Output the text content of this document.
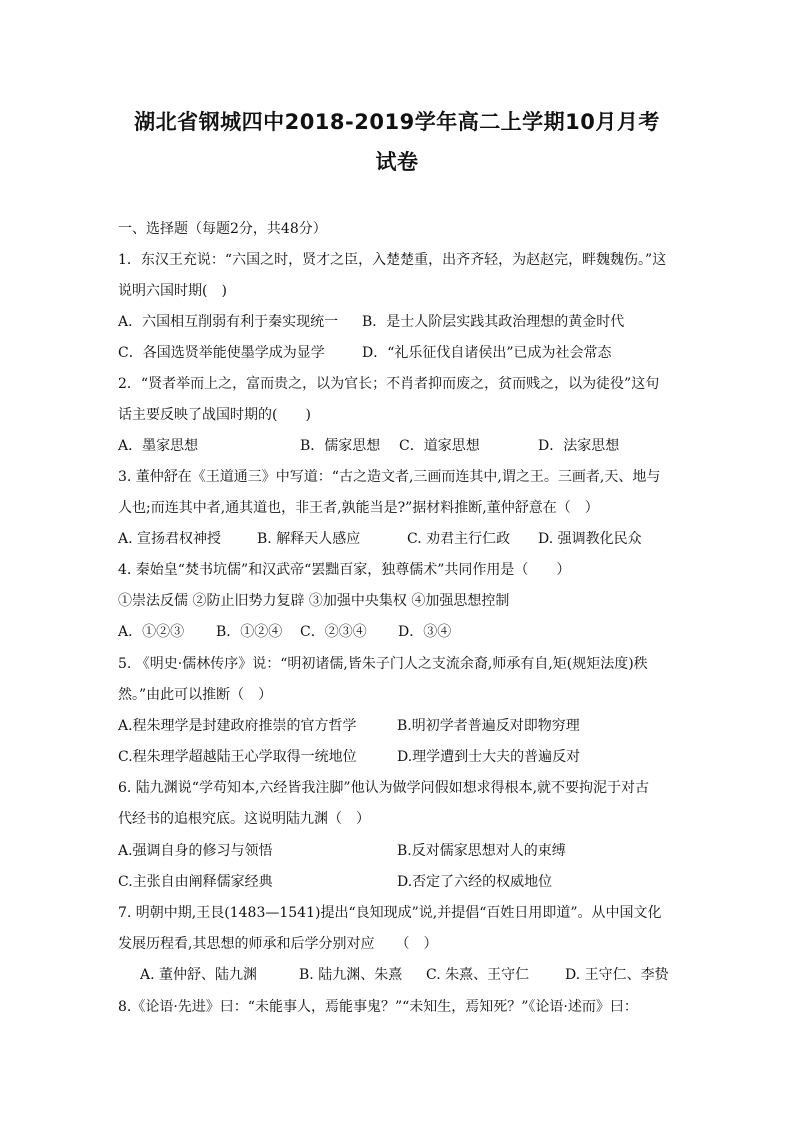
湖北省钢城四中2018-2019学年高二上学期10月月考
试卷
一、选择题（每题2分，共48分）
1．东汉王充说：“六国之时，贤才之臣，入楚楚重，出齐齐轻，为赵赵完，畔魏魏伤。”这
说明六国时期(　)
A．六国相互削弱有利于秦实现统一 B．是士人阶层实践其政治理想的黄金时代
C．各国选贤举能使墨学成为显学	D．“礼乐征伐自诸侯出”已成为社会常态
2．“贤者举而上之，富而贵之，以为官长；不肖者抑而废之，贫而贱之，以为徒役”这句
话主要反映了战国时期的(　　)
A．墨家思想	B．儒家思想 C．道家思想	D．法家思想
3. 董仲舒在《王道通三》中写道：“古之造文者,三画而连其中,谓之王。三画者,天、地与
人也;而连其中者,通其道也，非王者,孰能当是?”据材料推断,董仲舒意在（　）
A. 宣扬君权神授	B. 解释天人感应	C. 劝君主行仁政 D. 强调教化民众
4. 秦始皇“焚书坑儒”和汉武帝“罢黜百家，独尊儒术”共同作用是（　　）
①崇法反儒 ②防止旧势力复辟 ③加强中央集权 ④加强思想控制
A．①②③ B．①②④ C．②③④ D．③④
5. 《明史·儒林传序》说：“明初诸儒,皆朱子门人之支流余裔,师承有自,矩(规矩法度)秩
然。”由此可以推断（　）
A.程朱理学是封建政府推崇的官方哲学	B.明初学者普遍反对即物穷理
C.程朱理学超越陆王心学取得一统地位	D.理学遭到士大夫的普遍反对
6. 陆九渊说“学苟知本,六经皆我注脚”他认为做学问假如想求得根本,就不要拘泥于对古
代经书的追根究底。这说明陆九渊（　）
A.强调自身的修习与领悟	B.反对儒家思想对人的束缚
C.主张自由阐释儒家经典	D.否定了六经的权威地位
7. 明朝中期,王艮(1483—1541)提出“良知现成”说,并提倡“百姓日用即道”。从中国文化
发展历程看,其思想的师承和后学分别对应　　（　）
A. 董仲舒、陆九渊	B. 陆九渊、朱熹 C. 朱熹、王守仁	D. 王守仁、李贽
8.《论语·先进》曰：“未能事人，焉能事鬼？”“未知生，焉知死？”《论语·述而》曰：
